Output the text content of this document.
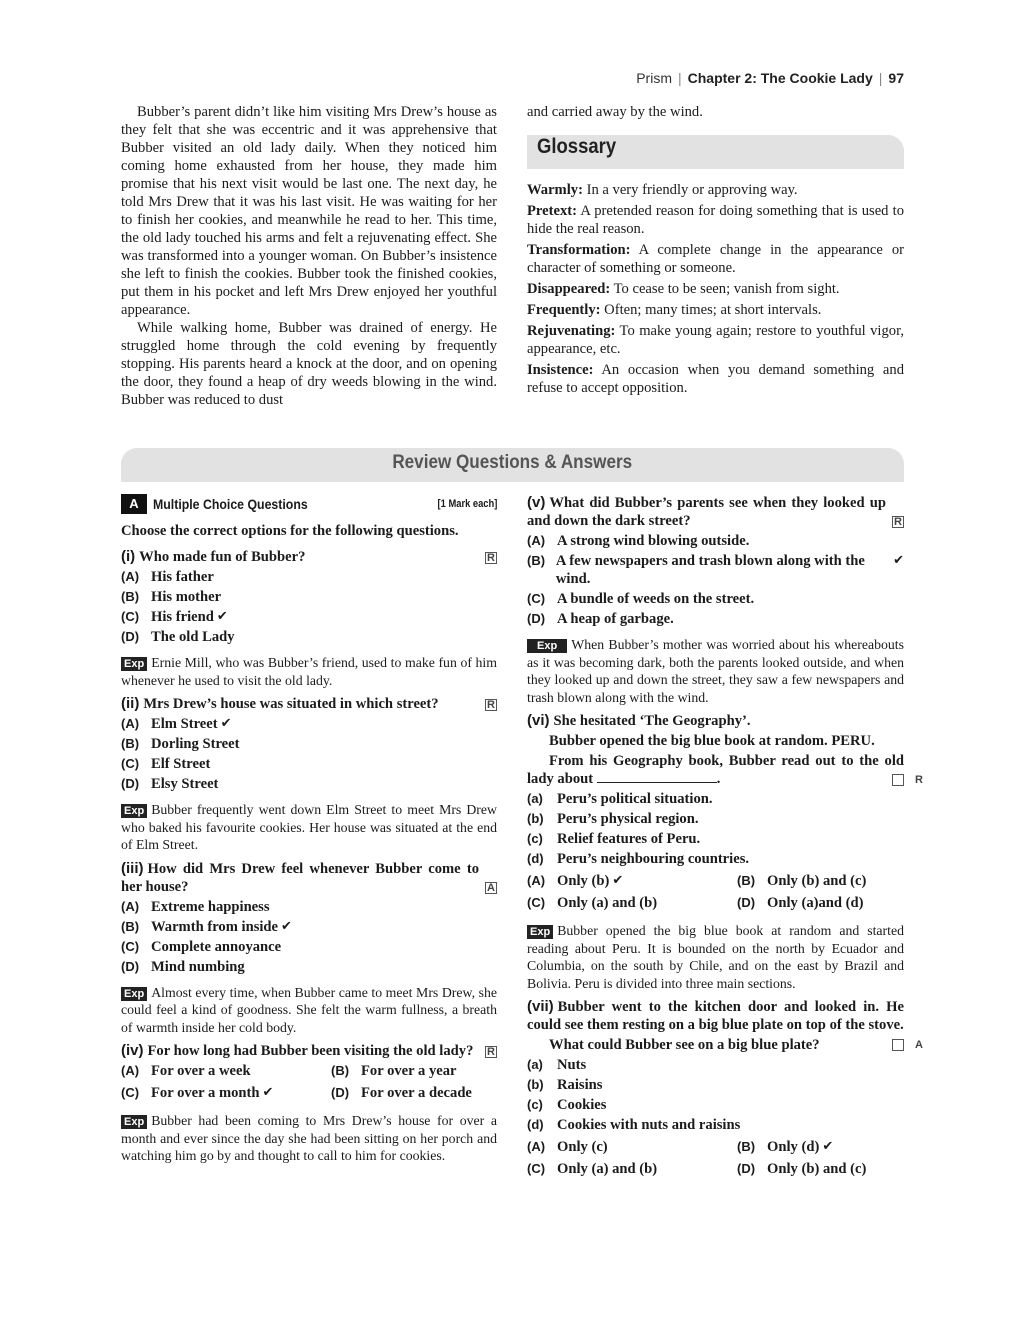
Prism | Chapter 2: The Cookie Lady | 97

Bubber’s parent didn’t like him visiting Mrs Drew’s house as they felt that she was eccentric and it was apprehensive that Bubber visited an old lady daily. When they noticed him coming home exhausted from her house, they made him promise that his next visit would be last one. The next day, he told Mrs Drew that it was his last visit. He was waiting for her to finish her cookies, and meanwhile he read to her. This time, the old lady touched his arms and felt a rejuvenating effect. She was transformed into a younger woman. On Bubber’s insistence she left to finish the cookies. Bubber took the finished cookies, put them in his pocket and left Mrs Drew enjoyed her youthful appearance.

While walking home, Bubber was drained of energy. He struggled home through the cold evening by frequently stopping. His parents heard a knock at the door, and on opening the door, they found a heap of dry weeds blowing in the wind. Bubber was reduced to dust

and carried away by the wind.

Glossary

Warmly: In a very friendly or approving way.

Pretext: A pretended reason for doing something that is used to hide the real reason.

Transformation: A complete change in the appearance or character of something or someone.

Disappeared: To cease to be seen; vanish from sight.

Frequently: Often; many times; at short intervals.

Rejuvenating: To make young again; restore to youthful vigor, appearance, etc.

Insistence: An occasion when you demand something and refuse to accept opposition.

Review Questions & Answers
A	Multiple Choice Questions	[1 Mark each]
Choose the correct options for the following questions.

(i) Who made fun of Bubber?	R

(A) His father
(B) His mother
(C) His friend ✔
(D) The old Lady

Exp Ernie Mill, who was Bubber’s friend, used to make fun of him whenever he used to visit the old lady.

(ii) Mrs Drew’s house was situated in which street?	R

(A) Elm Street ✔
(B) Dorling Street
(C) Elf Street
(D) Elsy Street

Exp Bubber frequently went down Elm Street to meet Mrs Drew who baked his favourite cookies. Her house was situated at the end of Elm Street.

(iii) How did Mrs Drew feel whenever Bubber come to her house?	A

(A) Extreme happiness
(B) Warmth from inside ✔
(C) Complete annoyance
(D) Mind numbing

Exp Almost every time, when Bubber came to meet Mrs Drew, she could feel a kind of goodness. She felt the warm fullness, a breath of warmth inside her cold body.

(iv) For how long had Bubber been visiting the old lady? R

(A) For over a week	(B) For over a year
(C) For over a month ✔	(D) For over a decade

Exp Bubber had been coming to Mrs Drew’s house for over a month and ever since the day she had been sitting on her porch and watching him go by and thought to call to him for cookies.

(v) What did Bubber’s parents see when they looked up and down the dark street?	R

(A) A strong wind blowing outside.
(B) A few newspapers and trash blown along with the wind.
✔
(C) A bundle of weeds on the street.
(D) A heap of garbage.

Exp When Bubber’s mother was worried about his whereabouts as it was becoming dark, both the parents looked outside, and when they looked up and down the street, they saw a few newspapers and trash blown along with the wind.

(vi) She hesitated ‘The Geography’.

Bubber opened the big blue book at random. PERU.

From his Geography book, Bubber read out to the old lady about	.	R

(a) Peru’s political situation.
(b) Peru’s physical region.
(c) Relief features of Peru.
(d) Peru’s neighbouring countries.
(A) Only (b) ✔	(B) Only (b) and (c)
(C) Only (a) and (b)	(D) Only (a)and (d)

Exp Bubber opened the big blue book at random and started reading about Peru. It is bounded on the north by Ecuador and Columbia, on the south by Chile, and on the east by Brazil and Bolivia. Peru is divided into three main sections.

(vii) Bubber went to the kitchen door and looked in. He could see them resting on a big blue plate on top of the stove.

What could Bubber see on a big blue plate?	A

(a) Nuts
(b) Raisins
(c) Cookies
(d) Cookies with nuts and raisins
(A) Only (c)	(B) Only (d) ✔
(C) Only (a) and (b)	(D) Only (b) and (c)
